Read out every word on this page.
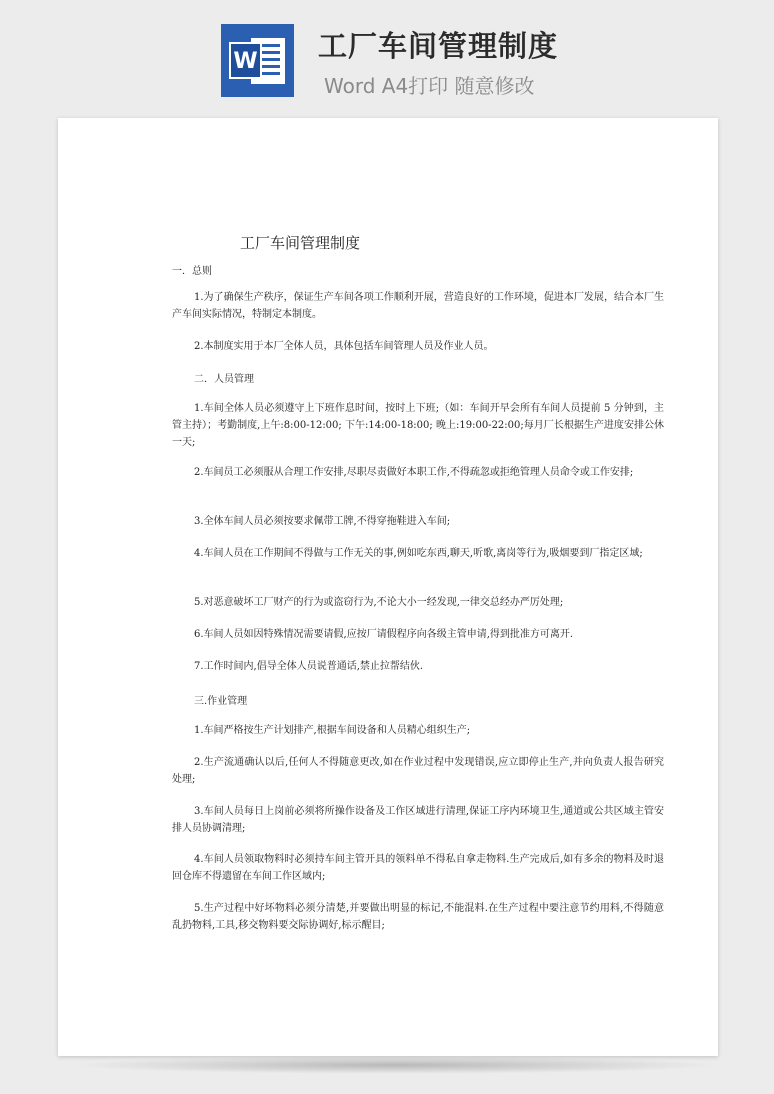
W 工厂车间管理制度
Word A4打印 随意修改
工厂车间管理制度
一．总则
1.为了确保生产秩序，保证生产车间各项工作顺利开展，营造良好的工作环境，促进本厂发展，结合本厂生产车间实际情况，特制定本制度。
2.本制度实用于本厂全体人员，具体包括车间管理人员及作业人员。
二．人员管理
1.车间全体人员必须遵守上下班作息时间，按时上下班;（如：车间开早会所有车间人员提前 5 分钟到，主管主持）；考勤制度,上午:8:00-12:00; 下午:14:00-18:00; 晚上:19:00-22:00;每月厂长根据生产进度安排公休一天;
2.车间员工必须服从合理工作安排,尽职尽责做好本职工作,不得疏忽或拒绝管理人员命令或工作安排;
3.全体车间人员必须按要求佩带工牌,不得穿拖鞋进入车间;
4.车间人员在工作期间不得做与工作无关的事,例如吃东西,聊天,听歌,离岗等行为,吸烟要到厂指定区域;
5.对恶意破坏工厂财产的行为或盗窃行为,不论大小一经发现,一律交总经办严厉处理;
6.车间人员如因特殊情况需要请假,应按厂请假程序向各级主管申请,得到批准方可离开.
7.工作时间内,倡导全体人员说普通话,禁止拉帮结伙.
三.作业管理
1.车间严格按生产计划排产,根据车间设备和人员精心组织生产;
2.生产流通确认以后,任何人不得随意更改,如在作业过程中发现错误,应立即停止生产,并向负责人报告研究处理;
3.车间人员每日上岗前必须将所操作设备及工作区域进行清理,保证工序内环境卫生,通道或公共区域主管安排人员协调清理;
4.车间人员领取物料时必须持车间主管开具的领料单不得私自拿走物料.生产完成后,如有多余的物料及时退回仓库不得遗留在车间工作区域内;
5.生产过程中好坏物料必须分清楚,并要做出明显的标记,不能混料.在生产过程中要注意节约用料,不得随意乱扔物料,工具,移交物料要交际协调好,标示醒目;
